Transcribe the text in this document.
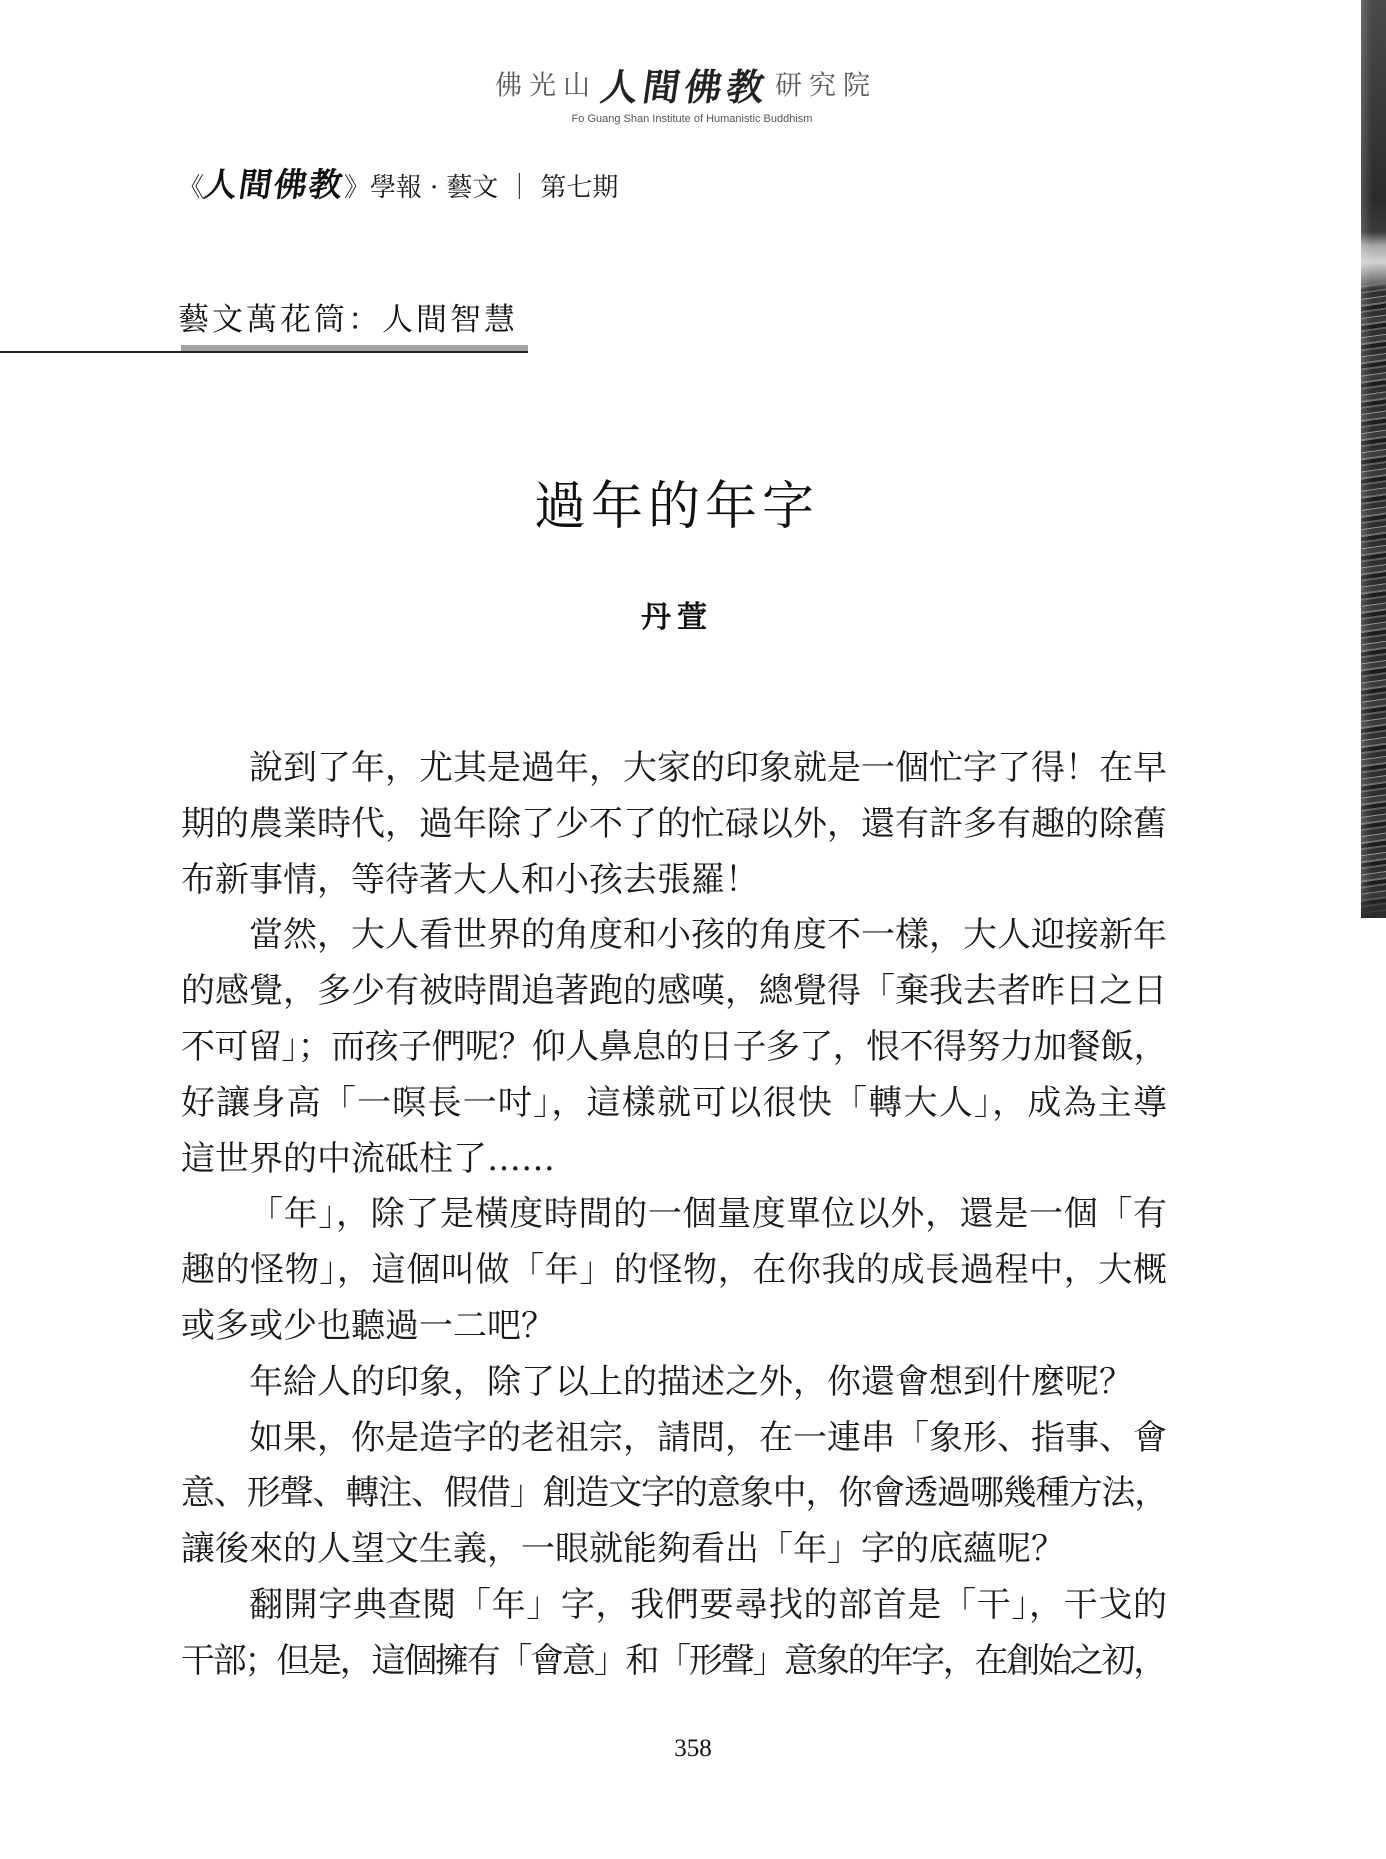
佛光山人間佛教 研究院
Fo Guang Shan Institute of Humanistic Buddhism
《人間佛教》學報 · 藝文 ｜ 第七期
藝文萬花筒：人間智慧
過年的年字
丹萱
說到了年，尤其是過年，大家的印象就是一個忙字了得！在早
期的農業時代，過年除了少不了的忙碌以外，還有許多有趣的除舊
布新事情，等待著大人和小孩去張羅！
當然，大人看世界的角度和小孩的角度不一樣，大人迎接新年
的感覺，多少有被時間追著跑的感嘆，總覺得「棄我去者昨日之日
不可留」；而孩子們呢？仰人鼻息的日子多了，恨不得努力加餐飯，
好讓身高「一暝長一吋」，這樣就可以很快「轉大人」，成為主導
這世界的中流砥柱了……
「年」，除了是橫度時間的一個量度單位以外，還是一個「有
趣的怪物」，這個叫做「年」的怪物，在你我的成長過程中，大概
或多或少也聽過一二吧？
年給人的印象，除了以上的描述之外，你還會想到什麼呢？
如果，你是造字的老祖宗，請問，在一連串「象形、指事、會
意、形聲、轉注、假借」創造文字的意象中，你會透過哪幾種方法，
讓後來的人望文生義，一眼就能夠看出「年」字的底蘊呢？
翻開字典查閱「年」字，我們要尋找的部首是「干」，干戈的
干部；但是，這個擁有「會意」和「形聲」意象的年字，在創始之初，
358
